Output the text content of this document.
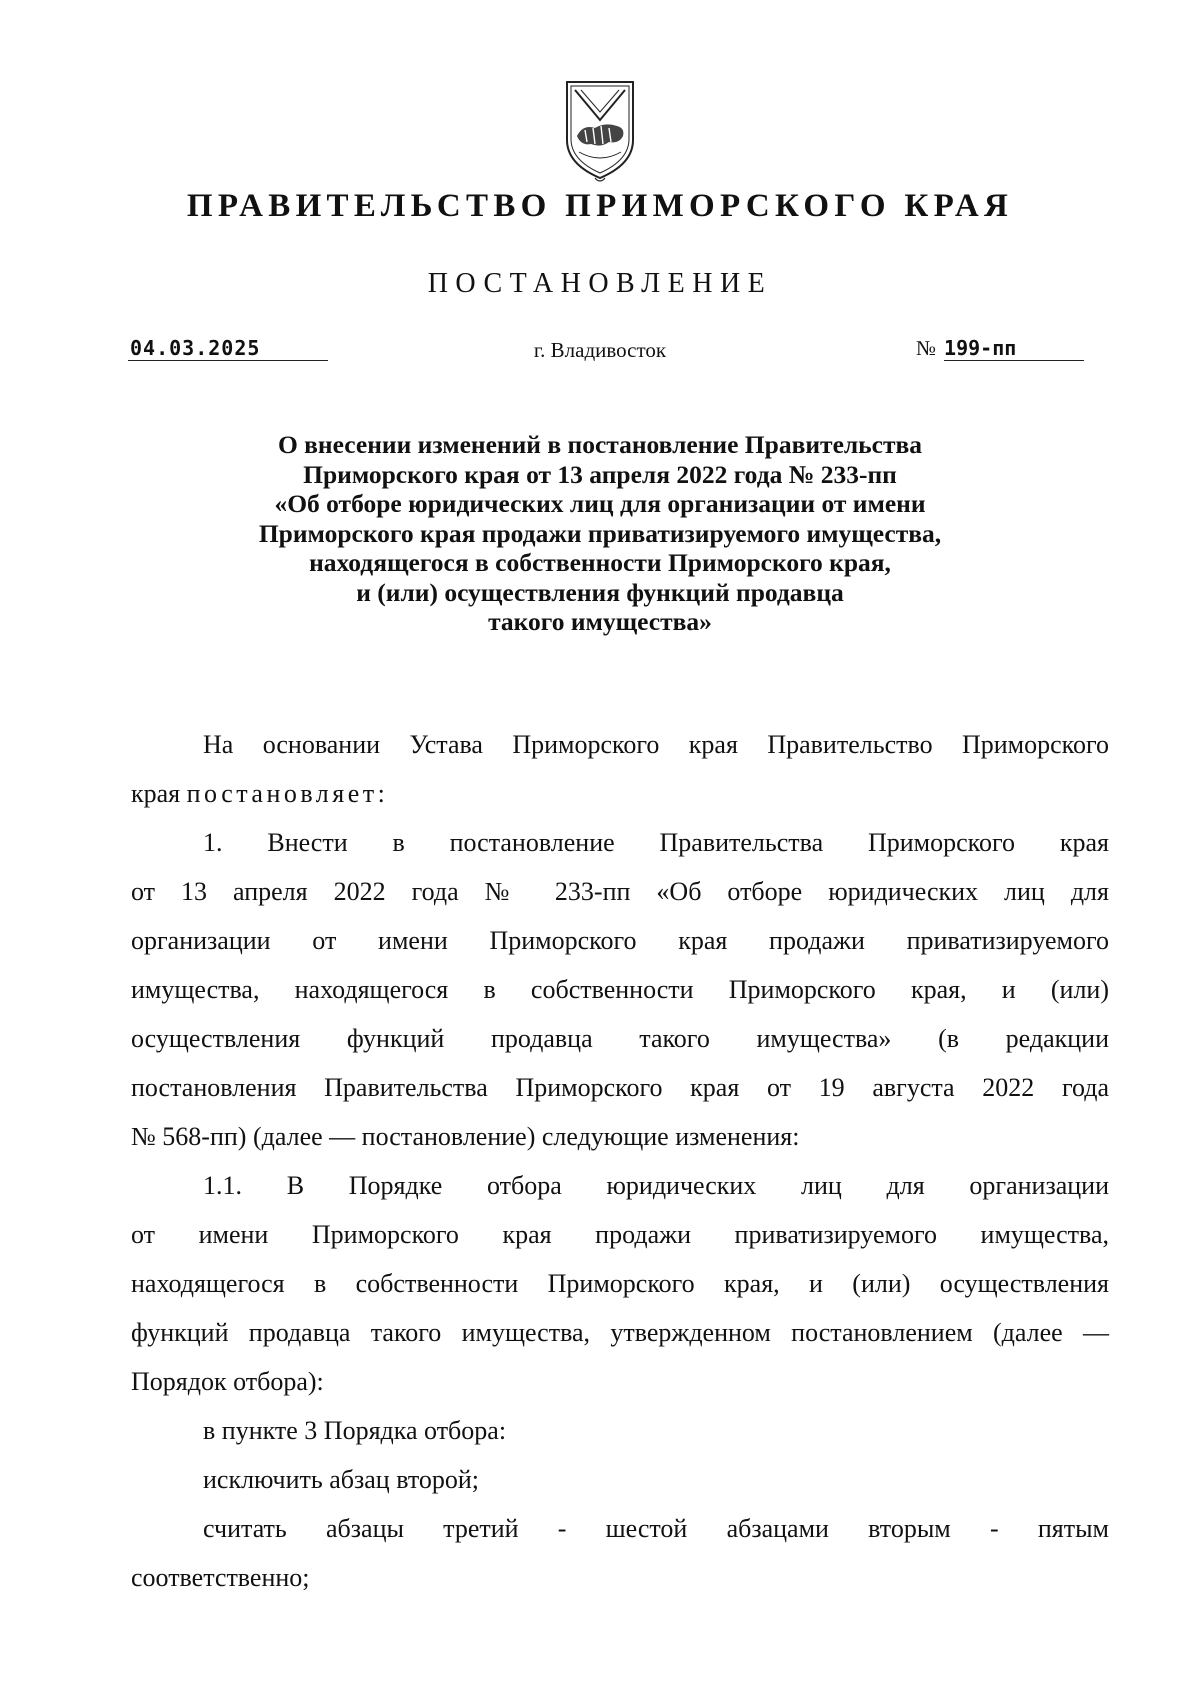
ПРАВИТЕЛЬСТВО ПРИМОРСКОГО КРАЯ
ПОСТАНОВЛЕНИЕ
04.03.2025	г. Владивосток	№ 199-пп
О внесении изменений в постановление Правительства
Приморского края от 13 апреля 2022 года № 233-пп
«Об отборе юридических лиц для организации от имени
Приморского края продажи приватизируемого имущества,
находящегося в собственности Приморского края,
и (или) осуществления функций продавца
такого имущества»
На основании Устава Приморского края Правительство Приморского
края постановляет:
1. Внести в постановление Правительства Приморского края
от 13 апреля 2022 года № 233-пп «Об отборе юридических лиц для
организации от имени Приморского края продажи приватизируемого
имущества, находящегося в собственности Приморского края, и (или)
осуществления функций продавца такого имущества» (в редакции
постановления Правительства Приморского края от 19 августа 2022 года
№ 568-пп) (далее — постановление) следующие изменения:
1.1. В Порядке отбора юридических лиц для организации
от имени Приморского края продажи приватизируемого имущества,
находящегося в собственности Приморского края, и (или) осуществления
функций продавца такого имущества, утвержденном постановлением (далее —
Порядок отбора):
в пункте 3 Порядка отбора:
исключить абзац второй;
считать абзацы третий - шестой абзацами вторым - пятым
соответственно;
